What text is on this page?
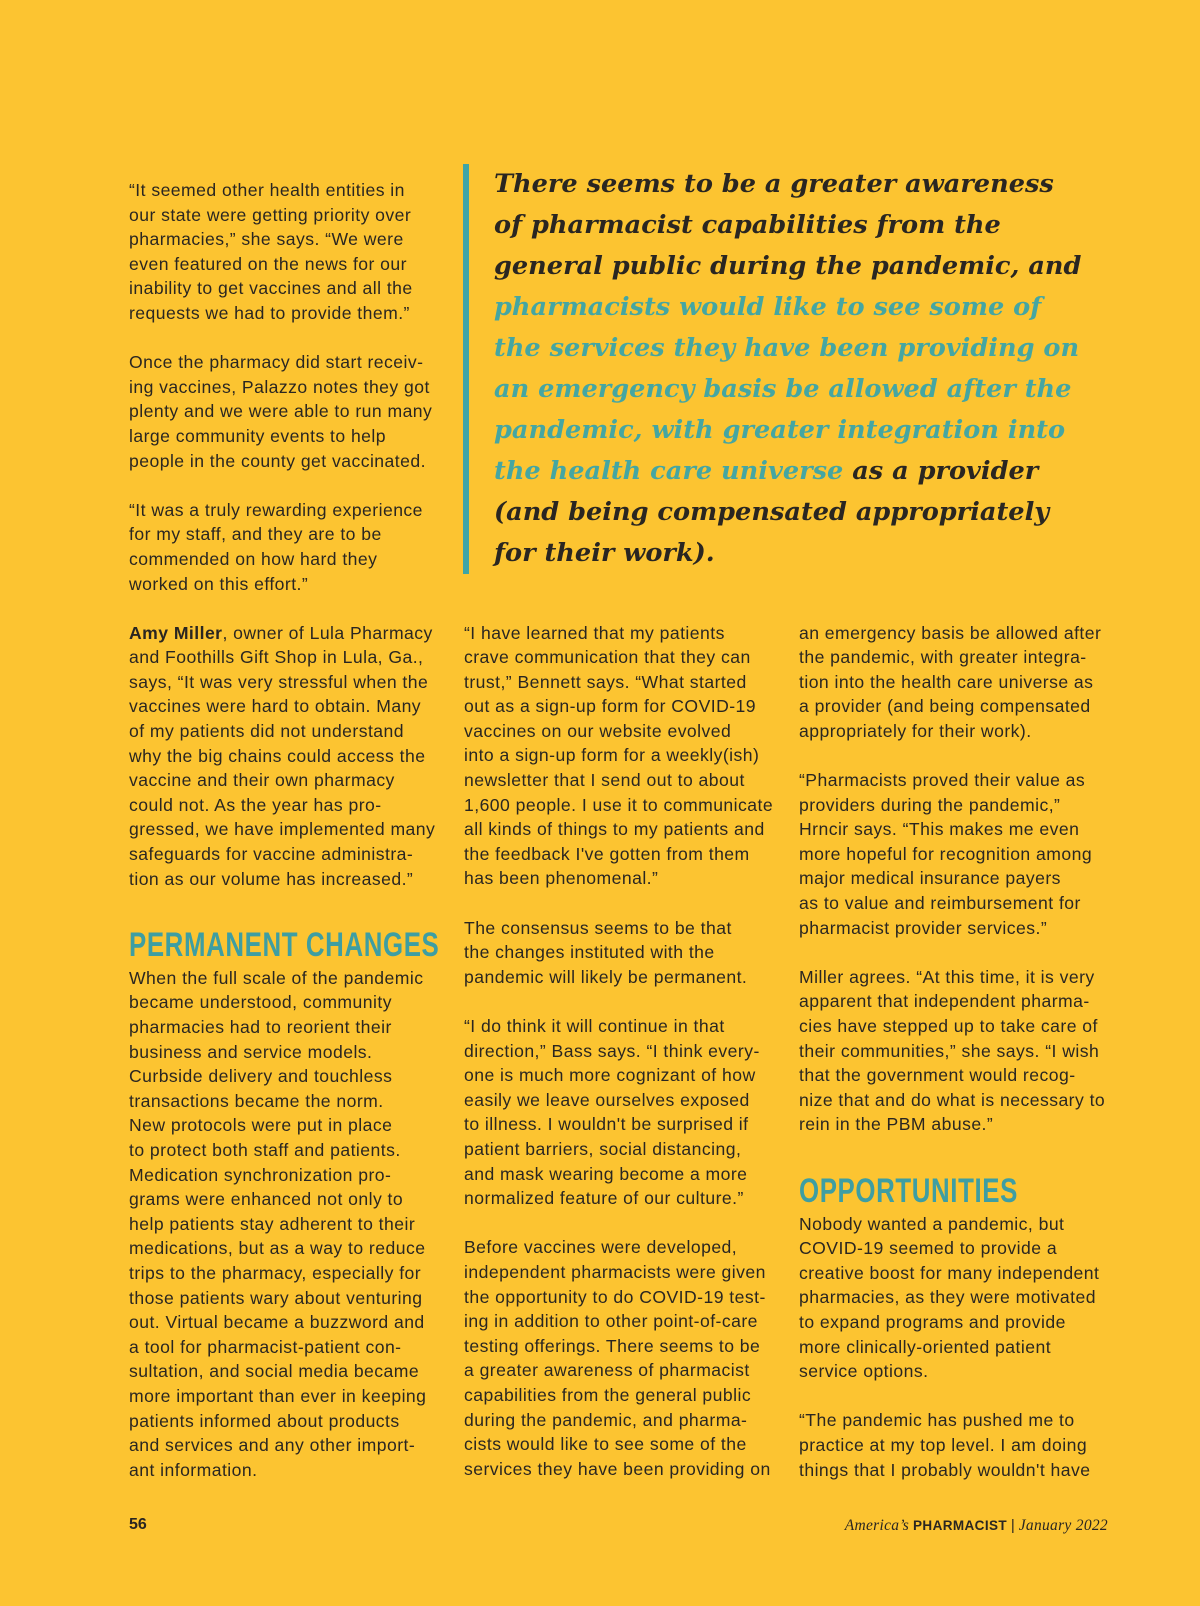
There seems to be a greater awareness
of pharmacist capabilities from the
general public during the pandemic, and
pharmacists would like to see some of
the services they have been providing on
an emergency basis be allowed after the
pandemic, with greater integration into
the health care universe as a provider
(and being compensated appropriately
for their work).

“It seemed other health entities in
our state were getting priority over
pharmacies,” she says. “We were
even featured on the news for our
inability to get vaccines and all the
requests we had to provide them.”

Once the pharmacy did start receiv-
ing vaccines, Palazzo notes they got
plenty and we were able to run many
large community events to help
people in the county get vaccinated.

“It was a truly rewarding experience
for my staff, and they are to be
commended on how hard they
worked on this effort.”

Amy Miller, owner of Lula Pharmacy
and Foothills Gift Shop in Lula, Ga.,
says, “It was very stressful when the
vaccines were hard to obtain. Many
of my patients did not understand
why the big chains could access the
vaccine and their own pharmacy
could not. As the year has pro-
gressed, we have implemented many
safeguards for vaccine administra-
tion as our volume has increased.”

PERMANENT CHANGES

When the full scale of the pandemic
became understood, community
pharmacies had to reorient their
business and service models.
Curbside delivery and touchless
transactions became the norm.
New protocols were put in place
to protect both staff and patients.
Medication synchronization pro-
grams were enhanced not only to
help patients stay adherent to their
medications, but as a way to reduce
trips to the pharmacy, especially for
those patients wary about venturing
out. Virtual became a buzzword and
a tool for pharmacist-patient con-
sultation, and social media became
more important than ever in keeping
patients informed about products
and services and any other import-
ant information.

“I have learned that my patients
crave communication that they can
trust,” Bennett says. “What started
out as a sign-up form for COVID-19
vaccines on our website evolved
into a sign-up form for a weekly(ish)
newsletter that I send out to about
1,600 people. I use it to communicate
all kinds of things to my patients and
the feedback I've gotten from them
has been phenomenal.”

The consensus seems to be that
the changes instituted with the
pandemic will likely be permanent.

“I do think it will continue in that
direction,” Bass says. “I think every-
one is much more cognizant of how
easily we leave ourselves exposed
to illness. I wouldn't be surprised if
patient barriers, social distancing,
and mask wearing become a more
normalized feature of our culture.”

Before vaccines were developed,
independent pharmacists were given
the opportunity to do COVID-19 test-
ing in addition to other point-of-care
testing offerings. There seems to be
a greater awareness of pharmacist
capabilities from the general public
during the pandemic, and pharma-
cists would like to see some of the
services they have been providing on

an emergency basis be allowed after
the pandemic, with greater integra-
tion into the health care universe as
a provider (and being compensated
appropriately for their work).

“Pharmacists proved their value as
providers during the pandemic,”
Hrncir says. “This makes me even
more hopeful for recognition among
major medical insurance payers
as to value and reimbursement for
pharmacist provider services.”

Miller agrees. “At this time, it is very
apparent that independent pharma-
cies have stepped up to take care of
their communities,” she says. “I wish
that the government would recog-
nize that and do what is necessary to
rein in the PBM abuse.”

OPPORTUNITIES

Nobody wanted a pandemic, but
COVID-19 seemed to provide a
creative boost for many independent
pharmacies, as they were motivated
to expand programs and provide
more clinically-oriented patient
service options.

“The pandemic has pushed me to
practice at my top level. I am doing
things that I probably wouldn't have

56	America’s PHARMACIST | January 2022
